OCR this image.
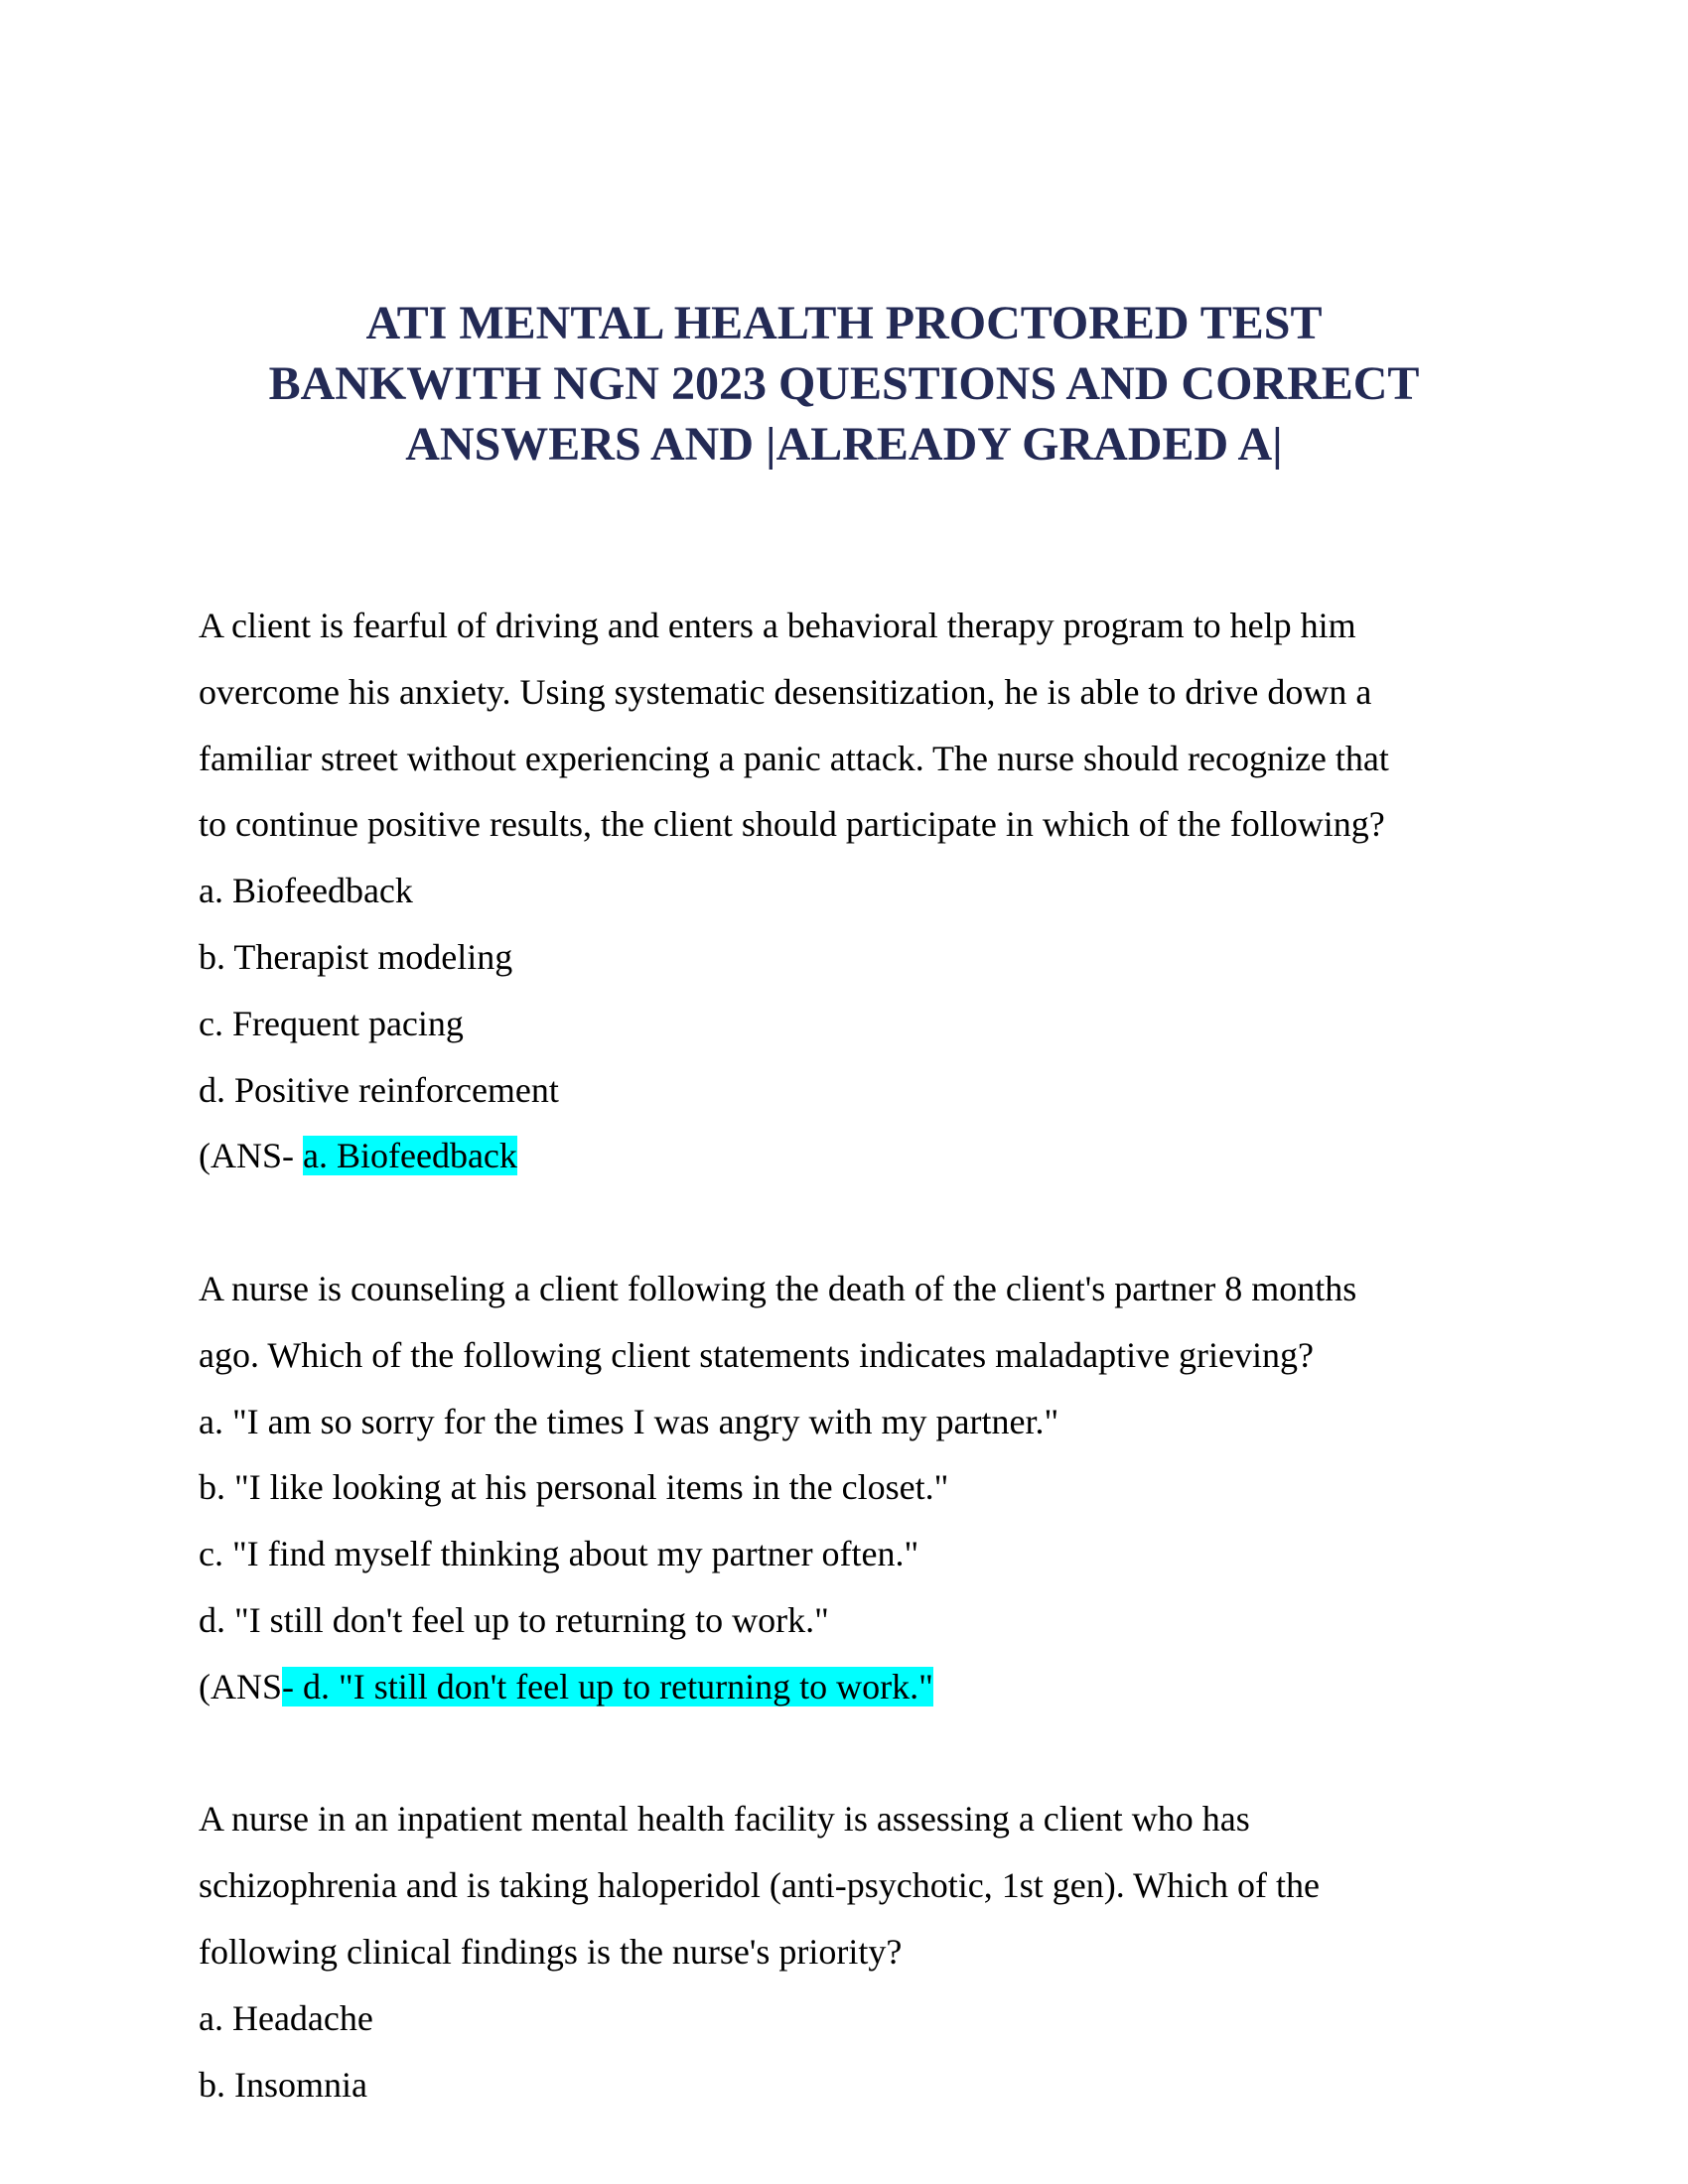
ATI MENTAL HEALTH PROCTORED TEST
BANKWITH NGN 2023 QUESTIONS AND CORRECT
ANSWERS AND |ALREADY GRADED A|
A client is fearful of driving and enters a behavioral therapy program to help him
overcome his anxiety. Using systematic desensitization, he is able to drive down a
familiar street without experiencing a panic attack. The nurse should recognize that
to continue positive results, the client should participate in which of the following?
a. Biofeedback
b. Therapist modeling
c. Frequent pacing
d. Positive reinforcement
(ANS- a. Biofeedback
A nurse is counseling a client following the death of the client's partner 8 months
ago. Which of the following client statements indicates maladaptive grieving?
a. "I am so sorry for the times I was angry with my partner."
b. "I like looking at his personal items in the closet."
c. "I find myself thinking about my partner often."
d. "I still don't feel up to returning to work."
(ANS- d. "I still don't feel up to returning to work."
A nurse in an inpatient mental health facility is assessing a client who has
schizophrenia and is taking haloperidol (anti-psychotic, 1st gen). Which of the
following clinical findings is the nurse's priority?
a. Headache
b. Insomnia
